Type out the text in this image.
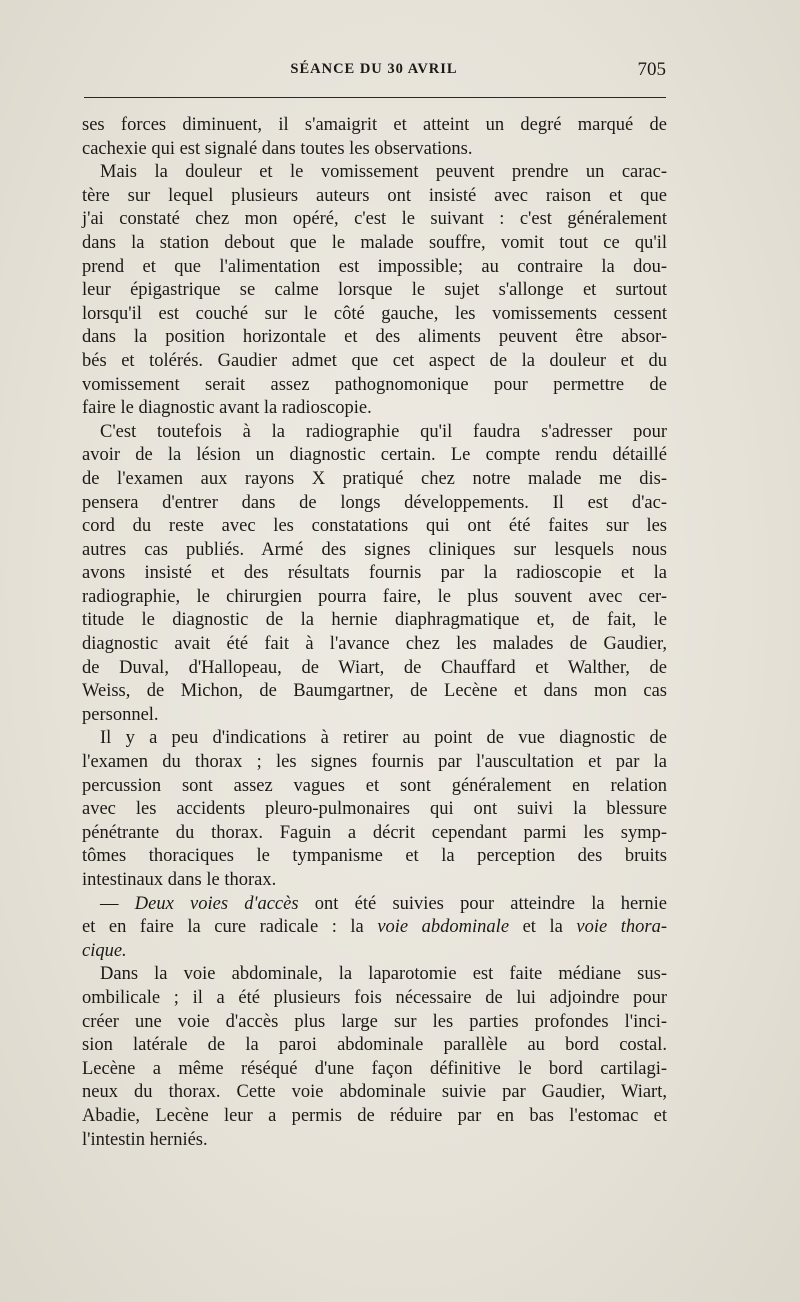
SÉANCE DU 30 AVRIL	705
ses forces diminuent, il s'amaigrit et atteint un degré marqué de
cachexie qui est signalé dans toutes les observations.
Mais la douleur et le vomissement peuvent prendre un carac-
tère sur lequel plusieurs auteurs ont insisté avec raison et que
j'ai constaté chez mon opéré, c'est le suivant : c'est généralement
dans la station debout que le malade souffre, vomit tout ce qu'il
prend et que l'alimentation est impossible; au contraire la dou-
leur épigastrique se calme lorsque le sujet s'allonge et surtout
lorsqu'il est couché sur le côté gauche, les vomissements cessent
dans la position horizontale et des aliments peuvent être absor-
bés et tolérés. Gaudier admet que cet aspect de la douleur et du
vomissement serait assez pathognomonique pour permettre de
faire le diagnostic avant la radioscopie.
C'est toutefois à la radiographie qu'il faudra s'adresser pour
avoir de la lésion un diagnostic certain. Le compte rendu détaillé
de l'examen aux rayons X pratiqué chez notre malade me dis-
pensera d'entrer dans de longs développements. Il est d'ac-
cord du reste avec les constatations qui ont été faites sur les
autres cas publiés. Armé des signes cliniques sur lesquels nous
avons insisté et des résultats fournis par la radioscopie et la
radiographie, le chirurgien pourra faire, le plus souvent avec cer-
titude le diagnostic de la hernie diaphragmatique et, de fait, le
diagnostic avait été fait à l'avance chez les malades de Gaudier,
de Duval, d'Hallopeau, de Wiart, de Chauffard et Walther, de
Weiss, de Michon, de Baumgartner, de Lecène et dans mon cas
personnel.
Il y a peu d'indications à retirer au point de vue diagnostic de
l'examen du thorax ; les signes fournis par l'auscultation et par la
percussion sont assez vagues et sont généralement en relation
avec les accidents pleuro-pulmonaires qui ont suivi la blessure
pénétrante du thorax. Faguin a décrit cependant parmi les symp-
tômes thoraciques le tympanisme et la perception des bruits
intestinaux dans le thorax.
— Deux voies d'accès ont été suivies pour atteindre la hernie
et en faire la cure radicale : la voie abdominale et la voie thora-
cique.
Dans la voie abdominale, la laparotomie est faite médiane sus-
ombilicale ; il a été plusieurs fois nécessaire de lui adjoindre pour
créer une voie d'accès plus large sur les parties profondes l'inci-
sion latérale de la paroi abdominale parallèle au bord costal.
Lecène a même réséqué d'une façon définitive le bord cartilagi-
neux du thorax. Cette voie abdominale suivie par Gaudier, Wiart,
Abadie, Lecène leur a permis de réduire par en bas l'estomac et
l'intestin herniés.
